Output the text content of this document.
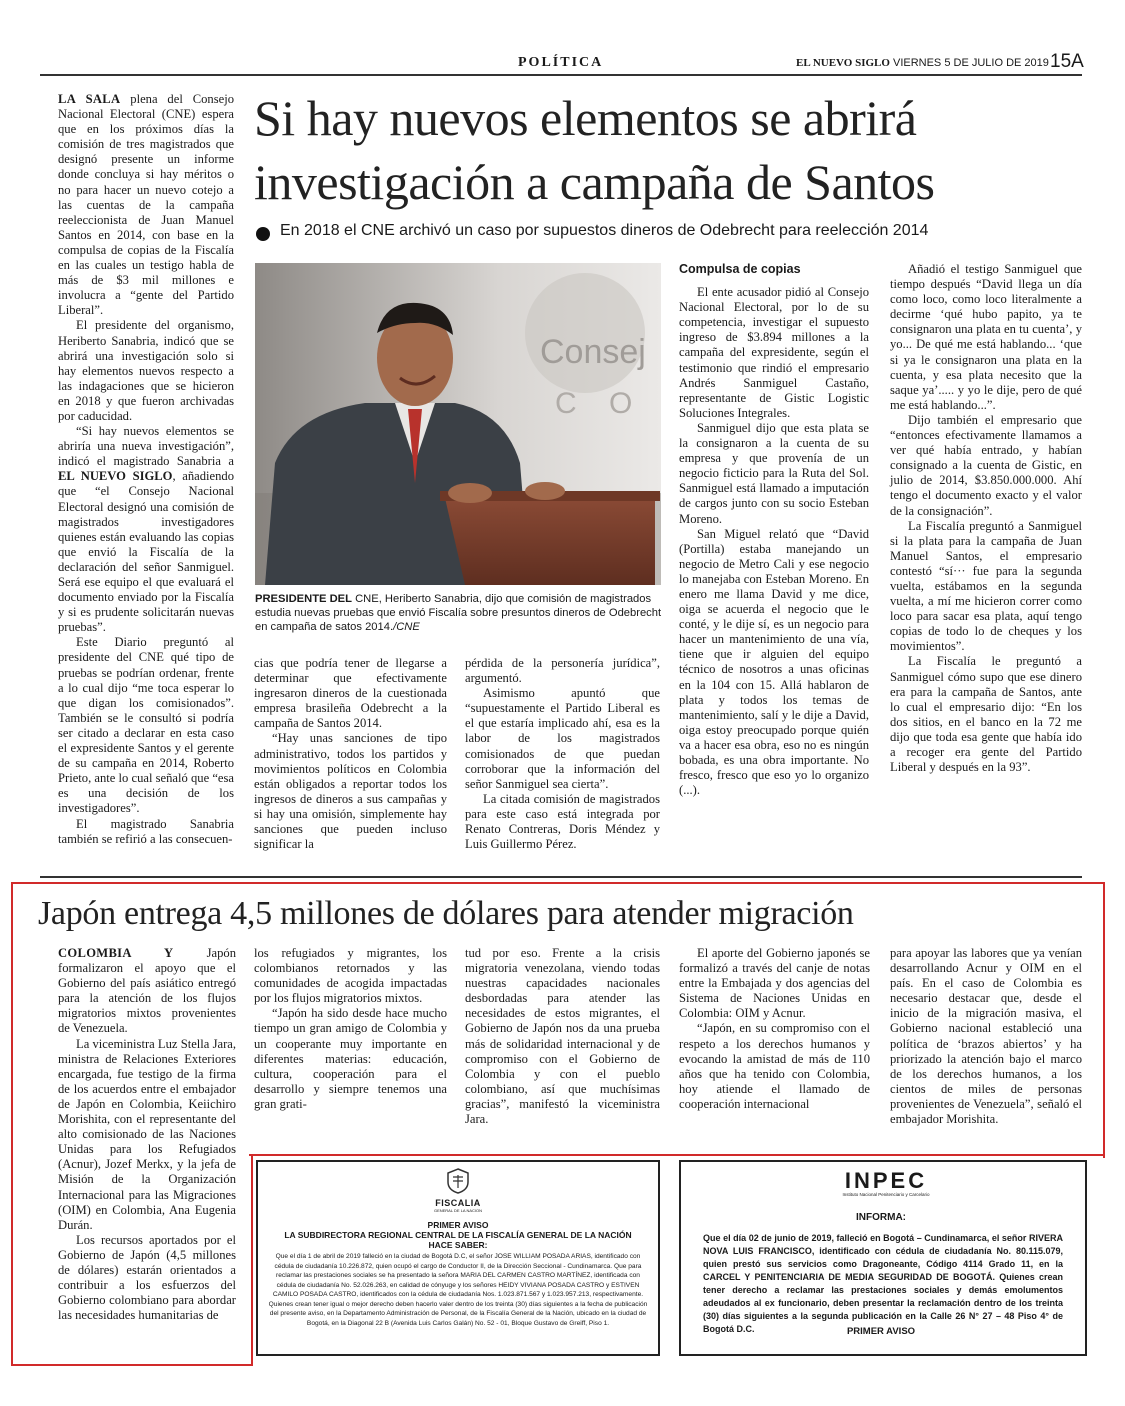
POLÍTICA	EL NUEVO SIGLO VIERNES 5 DE JULIO DE 2019 15A
Si hay nuevos elementos se abrirá
investigación a campaña de Santos
En 2018 el CNE archivó un caso por supuestos dineros de Odebrecht para reelección 2014

LA SALA plena del Consejo Nacional Electoral (CNE) espera que en los próximos días la comisión de tres magistrados que designó presente un informe donde concluya si hay méritos o no para hacer un nuevo cotejo a las cuentas de la campaña reeleccionista de Juan Manuel Santos en 2014, con base en la compulsa de copias de la Fiscalía en las cuales un testigo habla de más de $3 mil millones e involucra a “gente del Partido Liberal”.

El presidente del organismo, Heriberto Sanabria, indicó que se abrirá una investigación solo si hay elementos nuevos respecto a las indagaciones que se hicieron en 2018 y que fueron archivadas por caducidad.

“Si hay nuevos elementos se abriría una nueva investigación”, indicó el magistrado Sanabria a EL NUEVO SIGLO, añadiendo que “el Consejo Nacional Electoral designó una comisión de magistrados investigadores quienes están evaluando las copias que envió la Fiscalía de la declaración del señor Sanmiguel. Será ese equipo el que evaluará el documento enviado por la Fiscalía y si es prudente solicitarán nuevas pruebas”.

Este Diario preguntó al presidente del CNE qué tipo de pruebas se podrían ordenar, frente a lo cual dijo “me toca esperar lo que digan los comisionados”. También se le consultó si podría ser citado a declarar en esta caso el expresidente Santos y el gerente de su campaña en 2014, Roberto Prieto, ante lo cual señaló que “esa es una decisión de los investigadores”.

El magistrado Sanabria también se refirió a las consecuen-

Consej
C O
PRESIDENTE DEL CNE, Heriberto Sanabria, dijo que comisión de magistrados estudia nuevas pruebas que envió Fiscalía sobre presuntos dineros de Odebrecht en campaña de satos 2014./CNE

cias que podría tener de llegarse a determinar que efectivamente ingresaron dineros de la cuestionada empresa brasileña Odebrecht a la campaña de Santos 2014.

“Hay unas sanciones de tipo administrativo, todos los partidos y movimientos políticos en Colombia están obligados a reportar todos los ingresos de dineros a sus campañas y si hay una omisión, simplemente hay sanciones que pueden incluso significar la

pérdida de la personería jurídica”, argumentó.

Asimismo apuntó que “supuestamente el Partido Liberal es el que estaría implicado ahí, esa es la labor de los magistrados comisionados de que puedan corroborar que la información del señor Sanmiguel sea cierta”.

La citada comisión de magistrados para este caso está integrada por Renato Contreras, Doris Méndez y Luis Guillermo Pérez.

Compulsa de copias

El ente acusador pidió al Consejo Nacional Electoral, por lo de su competencia, investigar el supuesto ingreso de $3.894 millones a la campaña del expresidente, según el testimonio que rindió el empresario Andrés Sanmiguel Castaño, representante de Gistic Logistic Soluciones Integrales.

Sanmiguel dijo que esta plata se la consignaron a la cuenta de su empresa y que provenía de un negocio ficticio para la Ruta del Sol. Sanmiguel está llamado a imputación de cargos junto con su socio Esteban Moreno.

San Miguel relató que “David (Portilla) estaba manejando un negocio de Metro Cali y ese negocio lo manejaba con Esteban Moreno. En enero me llama David y me dice, oiga se acuerda el negocio que le conté, y le dije sí, es un negocio para hacer un mantenimiento de una vía, tiene que ir alguien del equipo técnico de nosotros a unas oficinas en la 104 con 15. Allá hablaron de plata y todos los temas de mantenimiento, salí y le dije a David, oiga estoy preocupado porque quién va a hacer esa obra, eso no es ningún bobada, es una obra importante. No fresco, fresco que eso yo lo organizo (...).

Añadió el testigo Sanmiguel que tiempo después “David llega un día como loco, como loco literalmente a decirme ‘qué hubo papito, ya te consignaron una plata en tu cuenta’, y yo... De qué me está hablando... ‘que si ya le consignaron una plata en la cuenta, y esa plata necesito que la saque ya’..... y yo le dije, pero de qué me está hablando...”.

Dijo también el empresario que “entonces efectivamente llamamos a ver qué había entrado, y habían consignado a la cuenta de Gistic, en julio de 2014, $3.850.000.000. Ahí tengo el documento exacto y el valor de la consignación”.

La Fiscalía preguntó a Sanmiguel si la plata para la campaña de Juan Manuel Santos, el empresario contestó “sí··· fue para la segunda vuelta, estábamos en la segunda vuelta, a mí me hicieron correr como loco para sacar esa plata, aquí tengo copias de todo lo de cheques y los movimientos”.

La Fiscalía le preguntó a Sanmiguel cómo supo que ese dinero era para la campaña de Santos, ante lo cual el empresario dijo: “En los dos sitios, en el banco en la 72 me dijo que toda esa gente que había ido a recoger era gente del Partido Liberal y después en la 93”.

Japón entrega 4,5 millones de dólares para atender migración

COLOMBIA Y Japón formalizaron el apoyo que el Gobierno del país asiático entregó para la atención de los flujos migratorios mixtos provenientes de Venezuela.

La viceministra Luz Stella Jara, ministra de Relaciones Exteriores encargada, fue testigo de la firma de los acuerdos entre el embajador de Japón en Colombia, Keiichiro Morishita, con el representante del alto comisionado de las Naciones Unidas para los Refugiados (Acnur), Jozef Merkx, y la jefa de Misión de la Organización Internacional para las Migraciones (OIM) en Colombia, Ana Eugenia Durán.

Los recursos aportados por el Gobierno de Japón (4,5 millones de dólares) estarán orientados a contribuir a los esfuerzos del Gobierno colombiano para abordar las necesidades humanitarias de

los refugiados y migrantes, los colombianos retornados y las comunidades de acogida impactadas por los flujos migratorios mixtos.

“Japón ha sido desde hace mucho tiempo un gran amigo de Colombia y un cooperante muy importante en diferentes materias: educación, cultura, cooperación para el desarrollo y siempre tenemos una gran grati-

tud por eso. Frente a la crisis migratoria venezolana, viendo todas nuestras capacidades nacionales desbordadas para atender las necesidades de estos migrantes, el Gobierno de Japón nos da una prueba más de solidaridad internacional y de compromiso con el Gobierno de Colombia y con el pueblo colombiano, así que muchísimas gracias”, manifestó la viceministra Jara.

El aporte del Gobierno japonés se formalizó a través del canje de notas entre la Embajada y dos agencias del Sistema de Naciones Unidas en Colombia: OIM y Acnur.

“Japón, en su compromiso con el respeto a los derechos humanos y evocando la amistad de más de 110 años que ha tenido con Colombia, hoy atiende el llamado de cooperación internacional

para apoyar las labores que ya venían desarrollando Acnur y OIM en el país. En el caso de Colombia es necesario destacar que, desde el inicio de la migración masiva, el Gobierno nacional estableció una política de ‘brazos abiertos’ y ha priorizado la atención bajo el marco de los derechos humanos, a los cientos de miles de personas provenientes de Venezuela”, señaló el embajador Morishita.

FISCALIA
GENERAL DE LA NACION
PRIMER AVISO
LA SUBDIRECTORA REGIONAL CENTRAL DE LA FISCALÍA GENERAL DE LA NACIÓN
HACE SABER:
Que el día 1 de abril de 2019 falleció en la ciudad de Bogotá D.C, el señor JOSE WILLIAM POSADA ARIAS, identificado con cédula de ciudadanía 10.226.872, quien ocupó el cargo de Conductor II, de la Dirección Seccional - Cundinamarca. Que para reclamar las prestaciones sociales se ha presentado la señora MARIA DEL CARMEN CASTRO MARTÍNEZ, identificada con cédula de ciudadanía No. 52.026.263, en calidad de cónyuge y los señores HEIDY VIVIANA POSADA CASTRO y ESTIVEN CAMILO POSADA CASTRO, identificados con la cédula de ciudadanía Nos. 1.023.871.567 y 1.023.957.213, respectivamente. Quienes crean tener igual o mejor derecho deben hacerlo valer dentro de los treinta (30) días siguientes a la fecha de publicación del presente aviso, en la Departamento Administración de Personal, de la Fiscalía General de la Nación, ubicado en la ciudad de Bogotá, en la Diagonal 22 B (Avenida Luis Carlos Galán) No. 52 - 01, Bloque Gustavo de Greiff, Piso 1.
INPEC
Instituto Nacional Penitenciario y Carcelario
INFORMA:
Que el día 02 de junio de 2019, falleció en Bogotá – Cundinamarca, el señor RIVERA NOVA LUIS FRANCISCO, identificado con cédula de ciudadanía No. 80.115.079, quien prestó sus servicios como Dragoneante, Código 4114 Grado 11, en la CARCEL Y PENITENCIARIA DE MEDIA SEGURIDAD DE BOGOTÁ. Quienes crean tener derecho a reclamar las prestaciones sociales y demás emolumentos adeudados al ex funcionario, deben presentar la reclamación dentro de los treinta (30) días siguientes a la segunda publicación en la Calle 26 N° 27 – 48 Piso 4° de Bogotá D.C.	PRIMER AVISO
